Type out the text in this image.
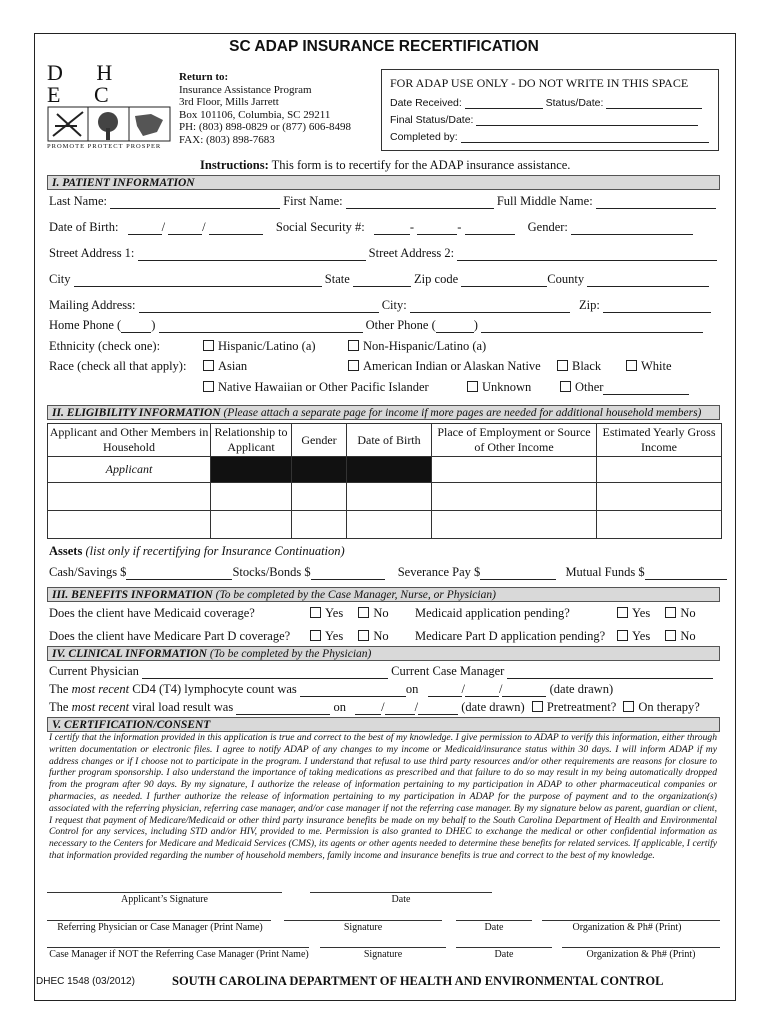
SC ADAP INSURANCE RECERTIFICATION
D H E C
PROMOTE PROTECT PROSPER
Return to:
Insurance Assistance Program
3rd Floor, Mills Jarrett
Box 101106, Columbia, SC 29211
PH: (803) 898-0829 or (877) 606-8498
FAX: (803) 898-7683
FOR ADAP USE ONLY - DO NOT WRITE IN THIS SPACE
Date Received:	Status/Date:
Final Status/Date:
Completed by:
Instructions: This form is to recertify for the ADAP insurance assistance.
I. PATIENT INFORMATION
Last Name:	First Name:	Full Middle Name:
Date of Birth:	/	/	Social Security #:	-	-	Gender:
Street Address 1:	Street Address 2:
City	State	Zip code	County
Mailing Address:	City:	Zip:
Home Phone ( )	Other Phone (	)
Ethnicity (check one):	Hispanic/Latino (a)	Non-Hispanic/Latino (a)
Race (check all that apply):	Asian	American Indian or Alaskan Native	Black	White
Native Hawaiian or Other Pacific Islander	Unknown	Other
II. ELIGIBILITY INFORMATION (Please attach a separate page for income if more pages are needed for additional household members)
Applicant and Other Members in Household	Relationship to Applicant	Gender	Date of Birth	Place of Employment or Source of Other Income	Estimated Yearly Gross Income
Applicant					

Assets (list only if recertifying for Insurance Continuation)
Cash/Savings $	Stocks/Bonds $	Severance Pay $	Mutual Funds $
III. BENEFITS INFORMATION (To be completed by the Case Manager, Nurse, or Physician)
Does the client have Medicaid coverage?	Yes No Medicaid application pending?	Yes No
Does the client have Medicare Part D coverage?	Yes No Medicare Part D application pending?	Yes No
IV. CLINICAL INFORMATION (To be completed by the Physician)
Current Physician	Current Case Manager
The most recent CD4 (T4) lymphocyte count was	on	/	/	(date drawn)
The most recent viral load result was	on	/ /	(date drawn) Pretreatment? On therapy?
V. CERTIFICATION/CONSENT
I certify that the information provided in this application is true and correct to the best of my knowledge. I give permission to ADAP to verify this information, either through written documentation or electronic files. I agree to notify ADAP of any changes to my income or Medicaid/insurance status within 30 days. I will inform ADAP if my address changes or if I choose not to participate in the program. I understand that refusal to use third party resources and/or other requirements are reasons for closure to further program sponsorship. I also understand the importance of taking medications as prescribed and that failure to do so may result in my being automatically dropped from the program after 90 days. By my signature, I authorize the release of information pertaining to my participation in ADAP to other pharmaceutical companies or pharmacies, as needed. I further authorize the release of information pertaining to my participation in ADAP for the purpose of payment and to the organization(s) associated with the referring physician, referring case manager, and/or case manager if not the referring case manager. By my signature below as parent, guardian or client, I request that payment of Medicare/Medicaid or other third party insurance benefits be made on my behalf to the South Carolina Department of Health and Environmental Control for any services, including STD and/or HIV, provided to me. Permission is also granted to DHEC to exchange the medical or other confidential information as necessary to the Centers for Medicare and Medicaid Services (CMS), its agents or other agents needed to determine these benefits for related services. If applicable, I certify that information provided regarding the number of household members, family income and insurance benefits is true and correct to the best of my knowledge.
Applicant’s Signature	Date
Referring Physician or Case Manager (Print Name)	Signature	Date	Organization & Ph# (Print)
Case Manager if NOT the Referring Case Manager (Print Name)	Signature	Date	Organization & Ph# (Print)
DHEC 1548 (03/2012)	SOUTH CAROLINA DEPARTMENT OF HEALTH AND ENVIRONMENTAL CONTROL
